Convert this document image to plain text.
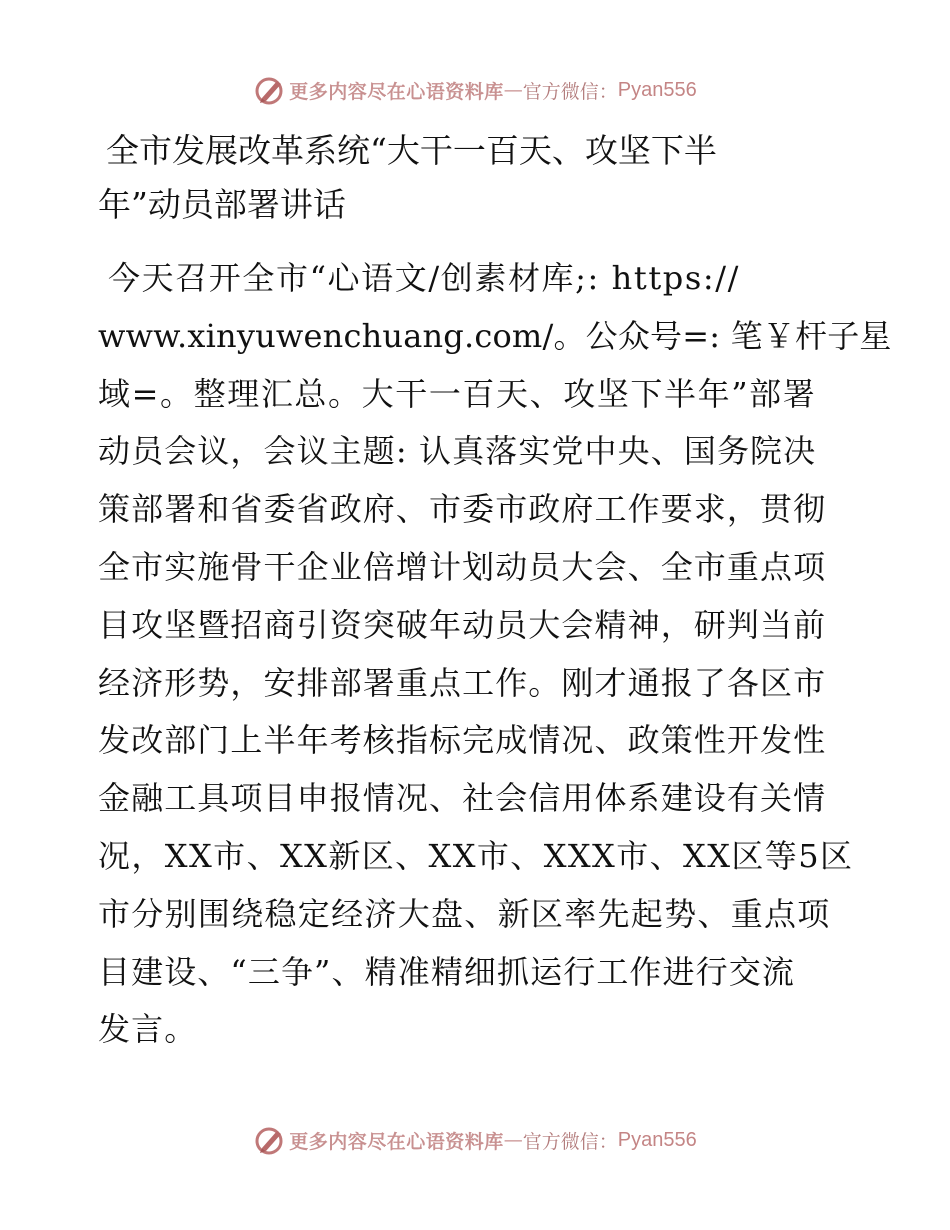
更多内容尽在心语资料库 — 官方微信： Pyan556
全市发展改革系统“大干一百天、攻坚下半
年”动员部署讲话
今天召开全市“心语文/创素材库;: https://
www.xinyuwenchuang.com/。公众号=: 笔￥杆子星
域=。整理汇总。大干一百天、攻坚下半年”部署
动员会议，会议主题: 认真落实党中央、国务院决
策部署和省委省政府、市委市政府工作要求，贯彻
全市实施骨干企业倍增计划动员大会、全市重点项
目攻坚暨招商引资突破年动员大会精神，研判当前
经济形势，安排部署重点工作。刚才通报了各区市
发改部门上半年考核指标完成情况、政策性开发性
金融工具项目申报情况、社会信用体系建设有关情
况，XX市、XX新区、XX市、XXX市、XX区等5区
市分别围绕稳定经济大盘、新区率先起势、重点项
目建设、“三争”、精准精细抓运行工作进行交流
发言。
更多内容尽在心语资料库 — 官方微信： Pyan556
